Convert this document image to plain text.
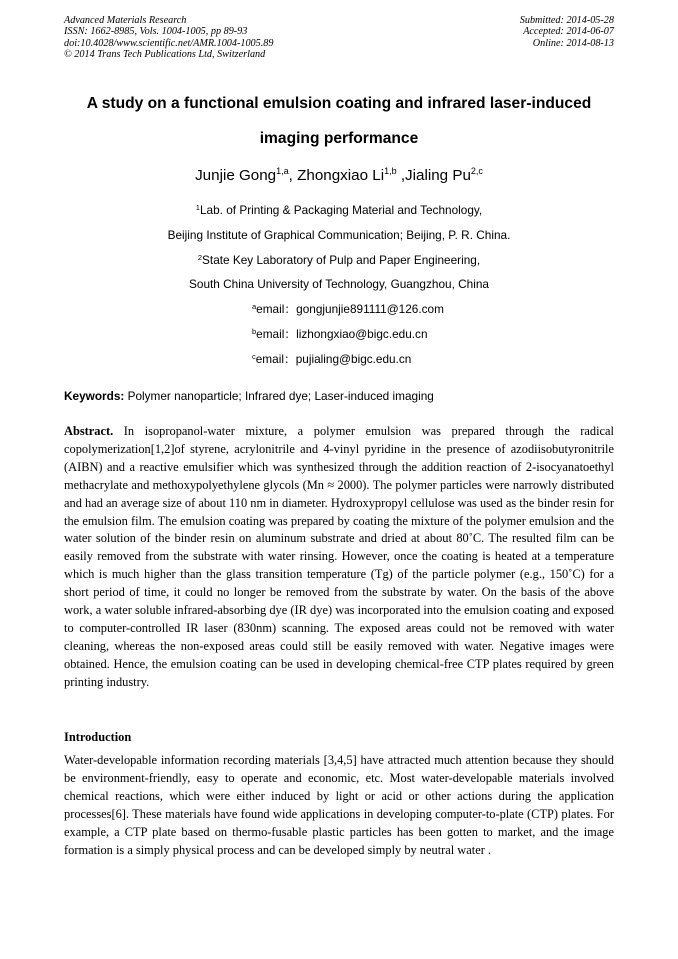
Advanced Materials Research
ISSN: 1662-8985, Vols. 1004-1005, pp 89-93
doi:10.4028/www.scientific.net/AMR.1004-1005.89
© 2014 Trans Tech Publications Ltd, Switzerland
Submitted: 2014-05-28
Accepted: 2014-06-07
Online: 2014-08-13
A study on a functional emulsion coating and infrared laser-induced
imaging performance
Junjie Gong$^{1,a}$, Zhongxiao Li$^{1,b}$ ,Jialing Pu$^{2,c}$
$^1$Lab. of Printing & Packaging Material and Technology,
Beijing Institute of Graphical Communication; Beijing, P. R. China.
$^2$State Key Laboratory of Pulp and Paper Engineering,
South China University of Technology, Guangzhou, China
$^a$email：gongjunjie891111@126.com
$^b$email：lizhongxiao@bigc.edu.cn
$^c$email：pujialing@bigc.edu.cn
Keywords: Polymer nanoparticle; Infrared dye; Laser-induced imaging
Abstract. In isopropanol-water mixture, a polymer emulsion was prepared through the radical copolymerization[1,2]of styrene, acrylonitrile and 4-vinyl pyridine in the presence of azodiisobutyronitrile (AIBN) and a reactive emulsifier which was synthesized through the addition reaction of 2-isocyanatoethyl methacrylate and methoxypolyethylene glycols (Mn ≈ 2000). The polymer particles were narrowly distributed and had an average size of about 110 nm in diameter. Hydroxypropyl cellulose was used as the binder resin for the emulsion film. The emulsion coating was prepared by coating the mixture of the polymer emulsion and the water solution of the binder resin on aluminum substrate and dried at about 80˚C. The resulted film can be easily removed from the substrate with water rinsing. However, once the coating is heated at a temperature which is much higher than the glass transition temperature (Tg) of the particle polymer (e.g., 150˚C) for a short period of time, it could no longer be removed from the substrate by water. On the basis of the above work, a water soluble infrared-absorbing dye (IR dye) was incorporated into the emulsion coating and exposed to computer-controlled IR laser (830nm) scanning. The exposed areas could not be removed with water cleaning, whereas the non-exposed areas could still be easily removed with water. Negative images were obtained. Hence, the emulsion coating can be used in developing chemical-free CTP plates required by green printing industry.
Introduction
Water-developable information recording materials [3,4,5] have attracted much attention because they should be environment-friendly, easy to operate and economic, etc. Most water-developable materials involved chemical reactions, which were either induced by light or acid or other actions during the application processes[6]. These materials have found wide applications in developing computer-to-plate (CTP) plates. For example, a CTP plate based on thermo-fusable plastic particles has been gotten to market, and the image formation is a simply physical process and can be developed simply by neutral water .
